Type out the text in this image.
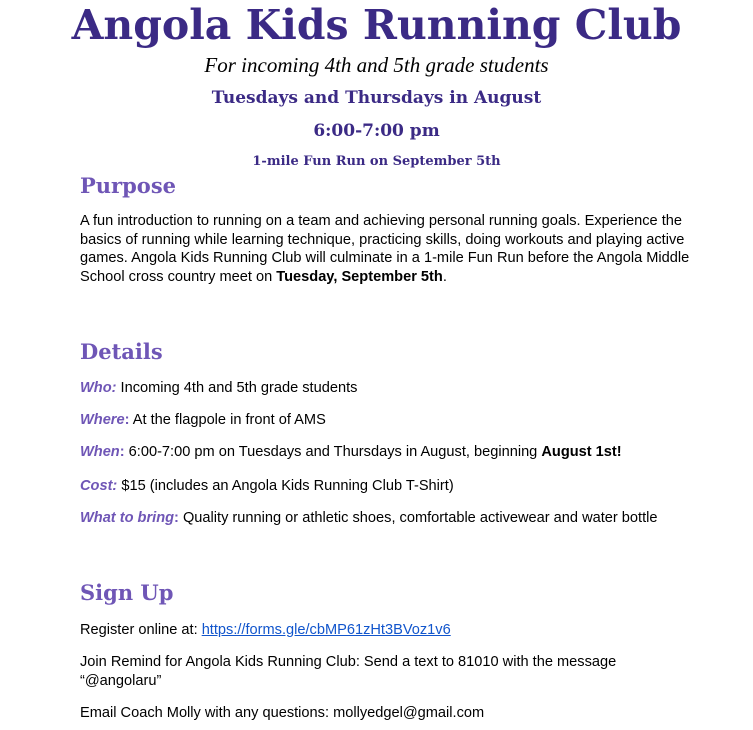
Angola Kids Running Club
For incoming 4th and 5th grade students
Tuesdays and Thursdays in August
6:00-7:00 pm
1-mile Fun Run on September 5th
Purpose
A fun introduction to running on a team and achieving personal running goals. Experience the basics of running while learning technique, practicing skills, doing workouts and playing active games. Angola Kids Running Club will culminate in a 1-mile Fun Run before the Angola Middle School cross country meet on Tuesday, September 5th.
Details
Who: Incoming 4th and 5th grade students
Where: At the flagpole in front of AMS
When: 6:00-7:00 pm on Tuesdays and Thursdays in August, beginning August 1st!
Cost: $15 (includes an Angola Kids Running Club T-Shirt)
What to bring: Quality running or athletic shoes, comfortable activewear and water bottle
Sign Up
Register online at: https://forms.gle/cbMP61zHt3BVoz1v6
Join Remind for Angola Kids Running Club: Send a text to 81010 with the message “@angolaru”
Email Coach Molly with any questions: mollyedgel@gmail.com
